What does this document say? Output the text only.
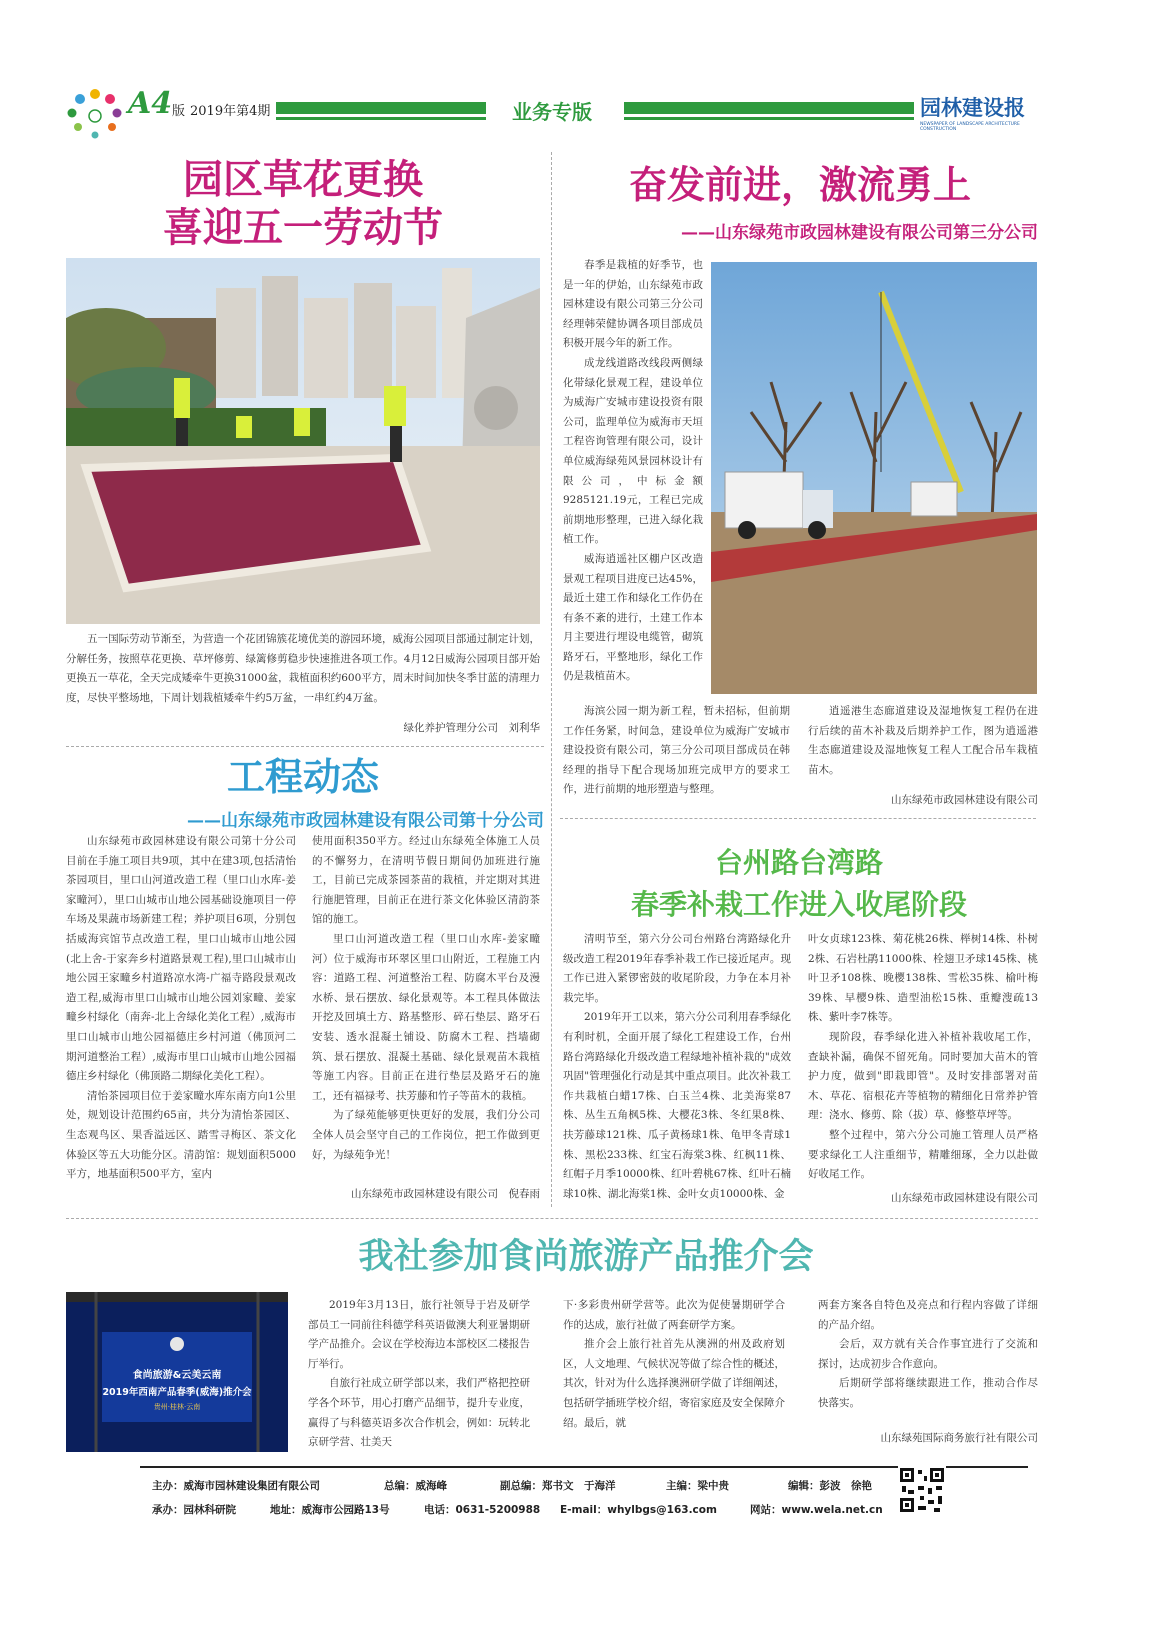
A4 版 2019年第4期	业务专版	园林建设报
NEWSPAPER OF LANDSCAPE ARCHITECTURE CONSTRUCTION
园区草花更换
喜迎五一劳动节

五一国际劳动节渐至，为营造一个花团锦簇花境优美的游园环境，威海公园项目部通过制定计划，分解任务，按照草花更换、草坪修剪、绿篱修剪稳步快速推进各项工作。4月12日威海公园项目部开始更换五一草花，全天完成矮牵牛更换31000盆，栽植面积约600平方，周末时间加快冬季甘蓝的清理力度，尽快平整场地，下周计划栽植矮牵牛约5万盆，一串红约4万盆。

绿化养护管理分公司　刘利华
奋发前进，激流勇上
——山东绿苑市政园林建设有限公司第三分公司

春季是栽植的好季节，也是一年的伊始，山东绿苑市政园林建设有限公司第三分公司经理韩荣健协调各项目部成员积极开展今年的新工作。

成龙线道路改线段两侧绿化带绿化景观工程，建设单位为威海广安城市建设投资有限公司，监理单位为威海市天垣工程咨询管理有限公司，设计单位威海绿苑风景园林设计有限公司，中标金额9285121.19元，工程已完成前期地形整理，已进入绿化栽植工作。

威海逍遥社区棚户区改造景观工程项目进度已达45%，最近土建工作和绿化工作仍在有条不紊的进行，土建工作本月主要进行埋设电缆管，砌筑路牙石，平整地形，绿化工作仍是栽植苗木。

海滨公园一期为新工程，暂未招标，但前期工作任务紧，时间急，建设单位为威海广安城市建设投资有限公司，第三分公司项目部成员在韩经理的指导下配合现场加班完成甲方的要求工作，进行前期的地形塑造与整理。

逍遥港生态廊道建设及湿地恢复工程仍在进行后续的苗木补栽及后期养护工作，图为逍遥港生态廊道建设及湿地恢复工程人工配合吊车栽植苗木。

山东绿苑市政园林建设有限公司
工程动态
——山东绿苑市政园林建设有限公司第十分公司

山东绿苑市政园林建设有限公司第十分公司目前在手施工项目共9项，其中在建3项,包括清怡茶园项目，里口山河道改造工程（里口山水库-姜家疃河），里口山城市山地公园基础设施项目一停车场及果蔬市场新建工程；养护项目6项，分别包括威海宾馆节点改造工程，里口山城市山地公园(北上舍-于家奔乡村道路景观工程),里口山城市山地公园王家疃乡村道路凉水湾-广福寺路段景观改造工程,威海市里口山城市山地公园刘家疃、姜家疃乡村绿化（南奔-北上舍绿化美化工程）,威海市里口山城市山地公园福德庄乡村河道（佛顶河二期河道整治工程）,威海市里口山城市山地公园福德庄乡村绿化（佛顶路二期绿化美化工程）。

清怡茶园项目位于姜家疃水库东南方向1公里处，规划设计范围约65亩，共分为清怡茶园区、生态观鸟区、果香溢远区、踏雪寻梅区、茶文化体验区等五大功能分区。清韵馆：规划面积5000平方，地基面积500平方，室内

使用面积350平方。经过山东绿苑全体施工人员的不懈努力，在清明节假日期间仍加班进行施工，目前已完成茶园茶苗的栽植，并定期对其进行施肥管理，目前正在进行茶文化体验区清韵茶馆的施工。

里口山河道改造工程（里口山水库-姜家疃河）位于威海市环翠区里口山附近，工程施工内容：道路工程、河道整治工程、防腐木平台及漫水桥、景石摆放、绿化景观等。本工程具体做法开挖及回填土方、路基整形、碎石垫层、路牙石安装、透水混凝土铺设、防腐木工程、挡墙砌筑、景石摆放、混凝土基础、绿化景观苗木栽植等施工内容。目前正在进行垫层及路牙石的施工，还有福禄考、扶芳藤和竹子等苗木的栽植。

为了绿苑能够更快更好的发展，我们分公司全体人员会坚守自己的工作岗位，把工作做到更好，为绿苑争光！

山东绿苑市政园林建设有限公司　倪春雨
台州路台湾路
春季补栽工作进入收尾阶段

清明节至，第六分公司台州路台湾路绿化升级改造工程2019年春季补栽工作已接近尾声。现工作已进入紧锣密鼓的收尾阶段，力争在本月补栽完毕。

2019年开工以来，第六分公司利用春季绿化有利时机，全面开展了绿化工程建设工作，台州路台湾路绿化升级改造工程绿地补植补栽的"成效巩固"管理强化行动是其中重点项目。此次补栽工作共栽植白蜡17株、白玉兰4株、北美海棠87株、丛生五角枫5株、大樱花3株、冬红果8株、扶芳藤球121株、瓜子黄杨球1株、龟甲冬青球1株、黑松233株、红宝石海棠3株、红枫11株、红帽子月季10000株、红叶碧桃67株、红叶石楠球10株、湖北海棠1株、金叶女贞10000株、金

叶女贞球123株、菊花桃26株、榉树14株、朴树2株、石岩杜鹃11000株、栓翅卫矛球145株、桃叶卫矛108株、晚樱138株、雪松35株、榆叶梅39株、早樱9株、造型油松15株、重瓣溲疏13株、紫叶李7株等。

现阶段，春季绿化进入补植补栽收尾工作，查缺补漏，确保不留死角。同时要加大苗木的管护力度，做到"即栽即管"。及时安排部署对苗木、草花、宿根花卉等植物的精细化日常养护管理：浇水、修剪、除（拔）草、修整草坪等。

整个过程中，第六分公司施工管理人员严格要求绿化工人注重细节，精雕细琢，全力以赴做好收尾工作。

山东绿苑市政园林建设有限公司
我社参加食尚旅游产品推介会
食尚旅游&云美云南
2019年西南产品春季(威海)推介会
贵州·桂林·云南

2019年3月13日，旅行社领导于岩及研学部员工一同前往科德学科英语做澳大利亚暑期研学产品推介。会议在学校海边本部校区二楼报告厅举行。

自旅行社成立研学部以来，我们严格把控研学各个环节，用心打磨产品细节，提升专业度，赢得了与科德英语多次合作机会，例如：玩转北京研学营、壮美天

下·多彩贵州研学营等。此次为促使暑期研学合作的达成，旅行社做了两套研学方案。

推介会上旅行社首先从澳洲的州及政府划区，人文地理、气候状况等做了综合性的概述，其次，针对为什么选择澳洲研学做了详细阐述，包括研学插班学校介绍，寄宿家庭及安全保障介绍。最后，就

两套方案各自特色及亮点和行程内容做了详细的产品介绍。

会后，双方就有关合作事宜进行了交流和探讨，达成初步合作意向。

后期研学部将继续跟进工作，推动合作尽快落实。

山东绿苑国际商务旅行社有限公司
主办：威海市园林建设集团有限公司	总编：威海峰	副总编：郑书文　于海洋	主编：梁中贵	编辑：彭波　徐艳
承办：园林科研院	地址：威海市公园路13号	电话：0631-5200988 E-mail：whylbgs@163.com	网站：www.wela.net.cn
